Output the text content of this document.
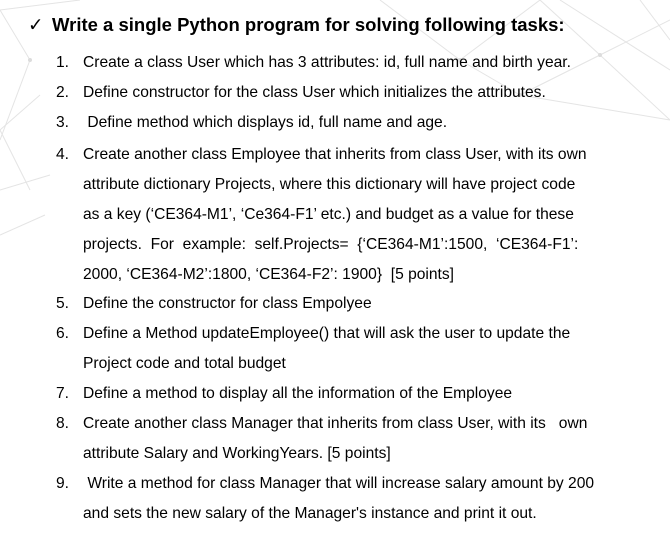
✓ Write a single Python program for solving following tasks:
1. Create a class User which has 3 attributes: id, full name and birth year.
2. Define constructor for the class User which initializes the attributes.
3. Define method which displays id, full name and age.
4. Create another class Employee that inherits from class User, with its own
attribute dictionary Projects, where this dictionary will have project code
as a key (‘CE364-M1’, ‘Ce364-F1’ etc.) and budget as a value for these
projects.  For  example:  self.Projects=  {‘CE364-M1’:1500,  ‘CE364-F1’:
2000, ‘CE364-M2’:1800, ‘CE364-F2’: 1900}  [5 points]
5. Define the constructor for class Empolyee
6. Define a Method updateEmployee() that will ask the user to update the
Project code and total budget
7. Define a method to display all the information of the Employee
8. Create another class Manager that inherits from class User, with its   own
attribute Salary and WorkingYears. [5 points]
9. Write a method for class Manager that will increase salary amount by 200
and sets the new salary of the Manager's instance and print it out.
